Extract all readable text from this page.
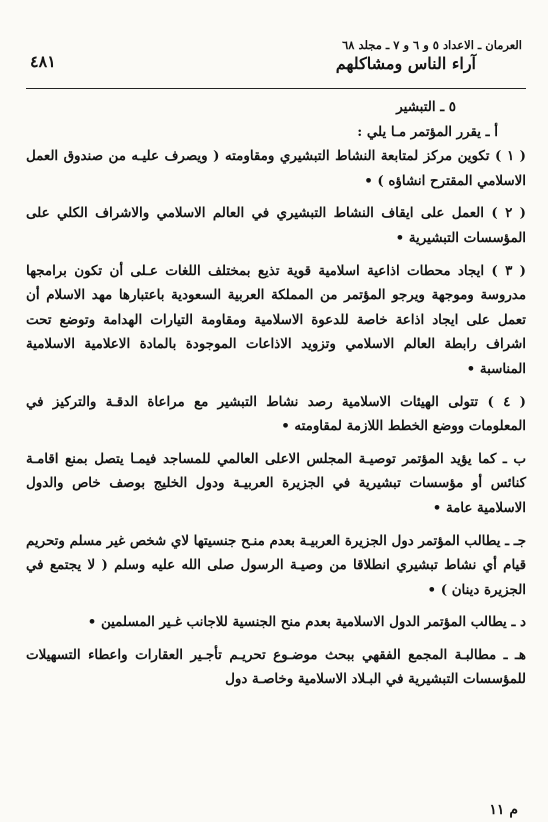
العرمان ـ الاعداد ٥ و ٦ و ٧ ـ مجلد ٦٨
آراء الناس ومشاكلهم
٤٨١
٥ ـ التبشير
أ ـ يقرر المؤتمر مـا يلي :

( ١ ) تكوين مركز لمتابعة النشاط التبشيري ومقاومته ( ويصرف عليـه من صندوق العمل الاسلامي المقترح انشاؤه ) •

( ٢ ) العمل على ايقاف النشاط التبشيري في العالم الاسلامي والاشراف الكلي على المؤسسات التبشيرية •

( ٣ ) ايجاد محطات اذاعية اسلامية قوية تذيع بمختلف اللغات عـلى أن تكون برامجها مدروسة وموجهة ويرجو المؤتمر من المملكة العربية السعودية باعتبارها مهد الاسلام أن تعمل على ايجاد اذاعة خاصة للدعوة الاسلامية ومقاومة التيارات الهدامة وتوضع تحت اشراف رابطة العالم الاسلامي وتزويد الاذاعات الموجودة بالمادة الاعلامية الاسلامية المناسبة •

( ٤ ) تتولى الهيئات الاسلامية رصد نشاط التبشير مع مراعاة الدقـة والتركيز في المعلومات ووضع الخطط اللازمة لمقاومته •

ب ـ كما يؤيد المؤتمر توصيـة المجلس الاعلى العالمي للمساجد فيمـا يتصل بمنع اقامـة كنائس أو مؤسسات تبشيرية في الجزيرة العربيـة ودول الخليج بوصف خاص والدول الاسلامية عامة •

جـ ـ يطالب المؤتمر دول الجزيرة العربيـة بعدم منـح جنسيتها لاي شخص غير مسلم وتحريم قيام أي نشاط تبشيري انطلاقا من وصيـة الرسول صلى الله عليه وسلم ( لا يجتمع في الجزيرة دينان ) •

د ـ يطالب المؤتمر الدول الاسلامية بعدم منح الجنسية للاجانب غـير المسلمين •

هـ ـ مطالبـة المجمع الفقهي ببحث موضـوع تحريـم تأجـير العقارات واعطاء التسهيلات للمؤسسات التبشيرية في البـلاد الاسلامية وخاصـة دول

م ١١
